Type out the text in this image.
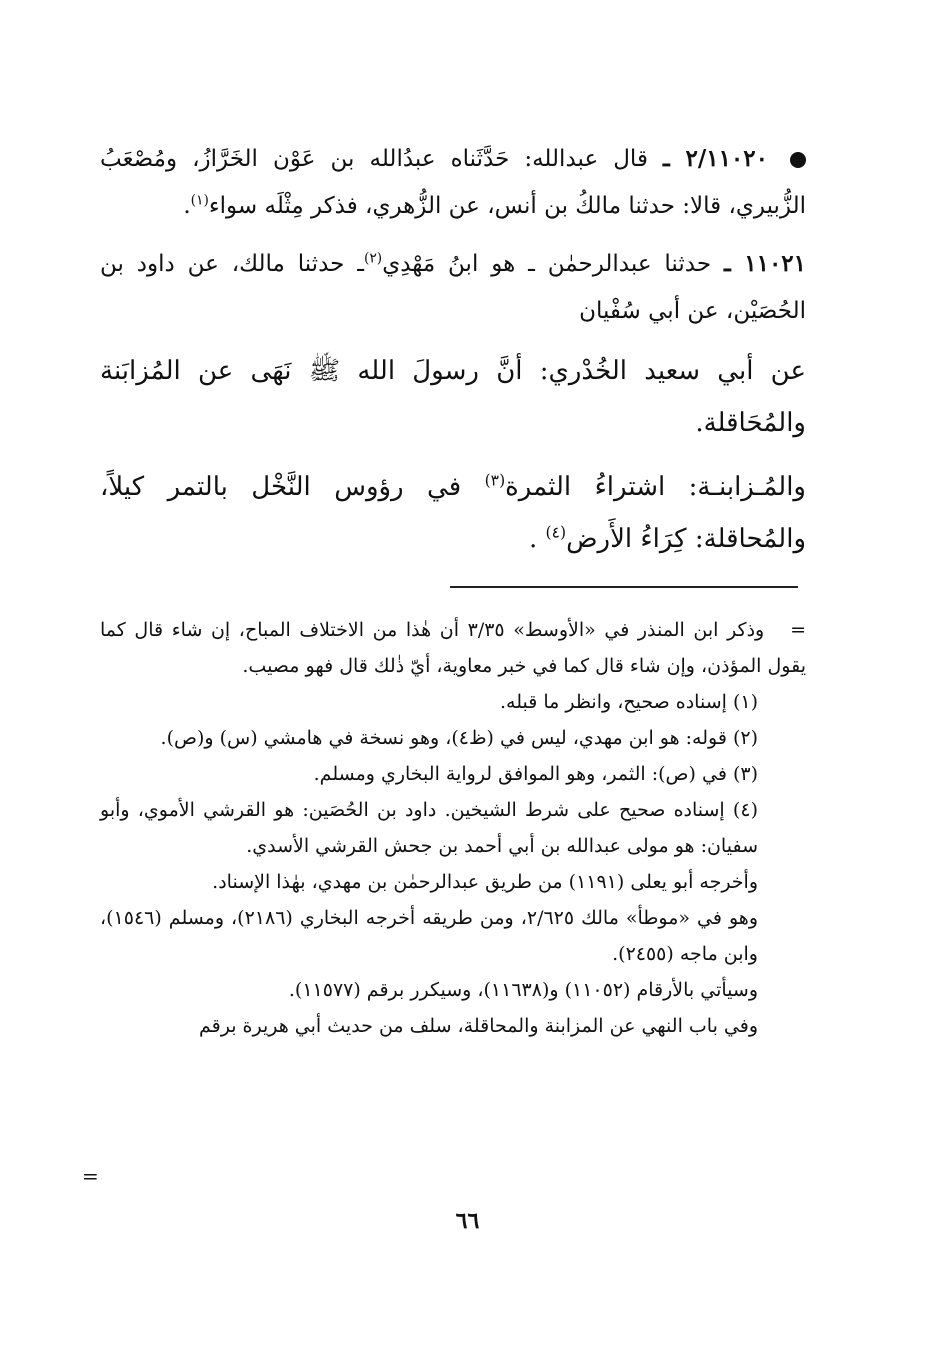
٢/١١٠٢٠ ـ قال عبدالله: حَدَّثَناه عبدُالله بن عَوْن الخَرَّازُ، ومُصْعَبُ الزُّبيري، قالا: حدثنا مالكُ بن أنس، عن الزُّهري، فذكر مِثْلَه سواء$^{(١)}$.

١١٠٢١ ـ حدثنا عبدالرحمٰن ـ هو ابنُ مَهْدِي$^{(٢)}$ـ حدثنا مالك، عن داود بن الحُصَيْن، عن أبي سُفْيان

عن أبي سعيد الخُدْري: أنَّ رسولَ الله ﷺ نَهَى عن المُزابَنة والمُحَاقلة.

والمُـزابنـة: اشتراءُ الثمرة$^{(٣)}$ في رؤوس النَّخْل بالتمر كيلاً، والمُحاقلة: كِرَاءُ الأَرض$^{(٤)}$ .

=   وذكر ابن المنذر في «الأوسط» ٣/٣٥ أن هٰذا من الاختلاف المباح، إن شاء قال كما يقول المؤذن، وإن شاء قال كما في خبر معاوية، أيّ ذٰلك قال فهو مصيب.

(١) إسناده صحيح، وانظر ما قبله.

(٢) قوله: هو ابن مهدي، ليس في (ظ٤)، وهو نسخة في هامشي (س) و(ص).

(٣) في (ص): الثمر، وهو الموافق لرواية البخاري ومسلم.

(٤) إسناده صحيح على شرط الشيخين. داود بن الحُصَين: هو القرشي الأموي، وأبو سفيان: هو مولى عبدالله بن أبي أحمد بن جحش القرشي الأسدي.

وأخرجه أبو يعلى (١١٩١) من طريق عبدالرحمٰن بن مهدي، بهٰذا الإسناد.

وهو في «موطأ» مالك ٢/٦٢٥، ومن طريقه أخرجه البخاري (٢١٨٦)، ومسلم (١٥٤٦)، وابن ماجه (٢٤٥٥).

وسيأتي بالأرقام (١١٠٥٢) و(١١٦٣٨)، وسيكرر برقم (١١٥٧٧).

وفي باب النهي عن المزابنة والمحاقلة، سلف من حديث أبي هريرة برقم

=
٦٦
